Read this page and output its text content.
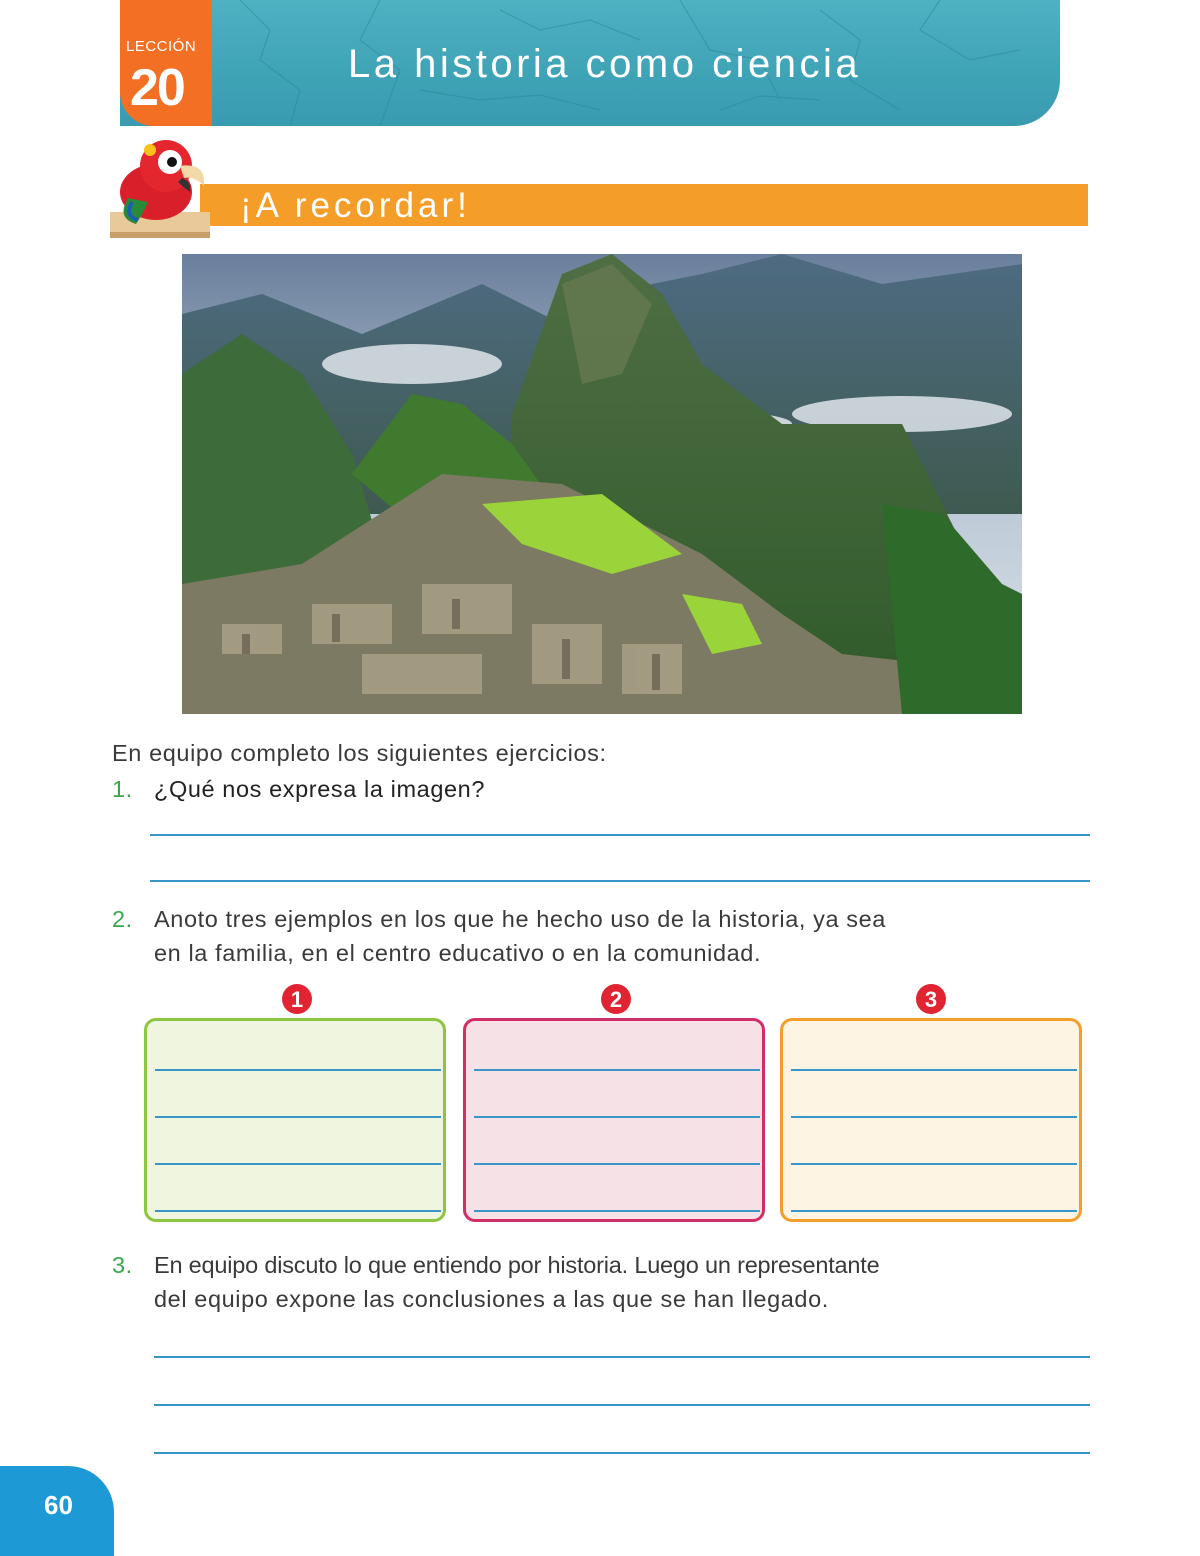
LECCIÓN
20	La historia como ciencia
¡A recordar!
En equipo completo los siguientes ejercicios:
1. ¿Qué nos expresa la imagen?
2. Anoto tres ejemplos en los que he hecho uso de la historia, ya sea
en la familia, en el centro educativo o en la comunidad.
1	2	3
3. En equipo discuto lo que entiendo por historia. Luego un representante
del equipo expone las conclusiones a las que se han llegado.
60
